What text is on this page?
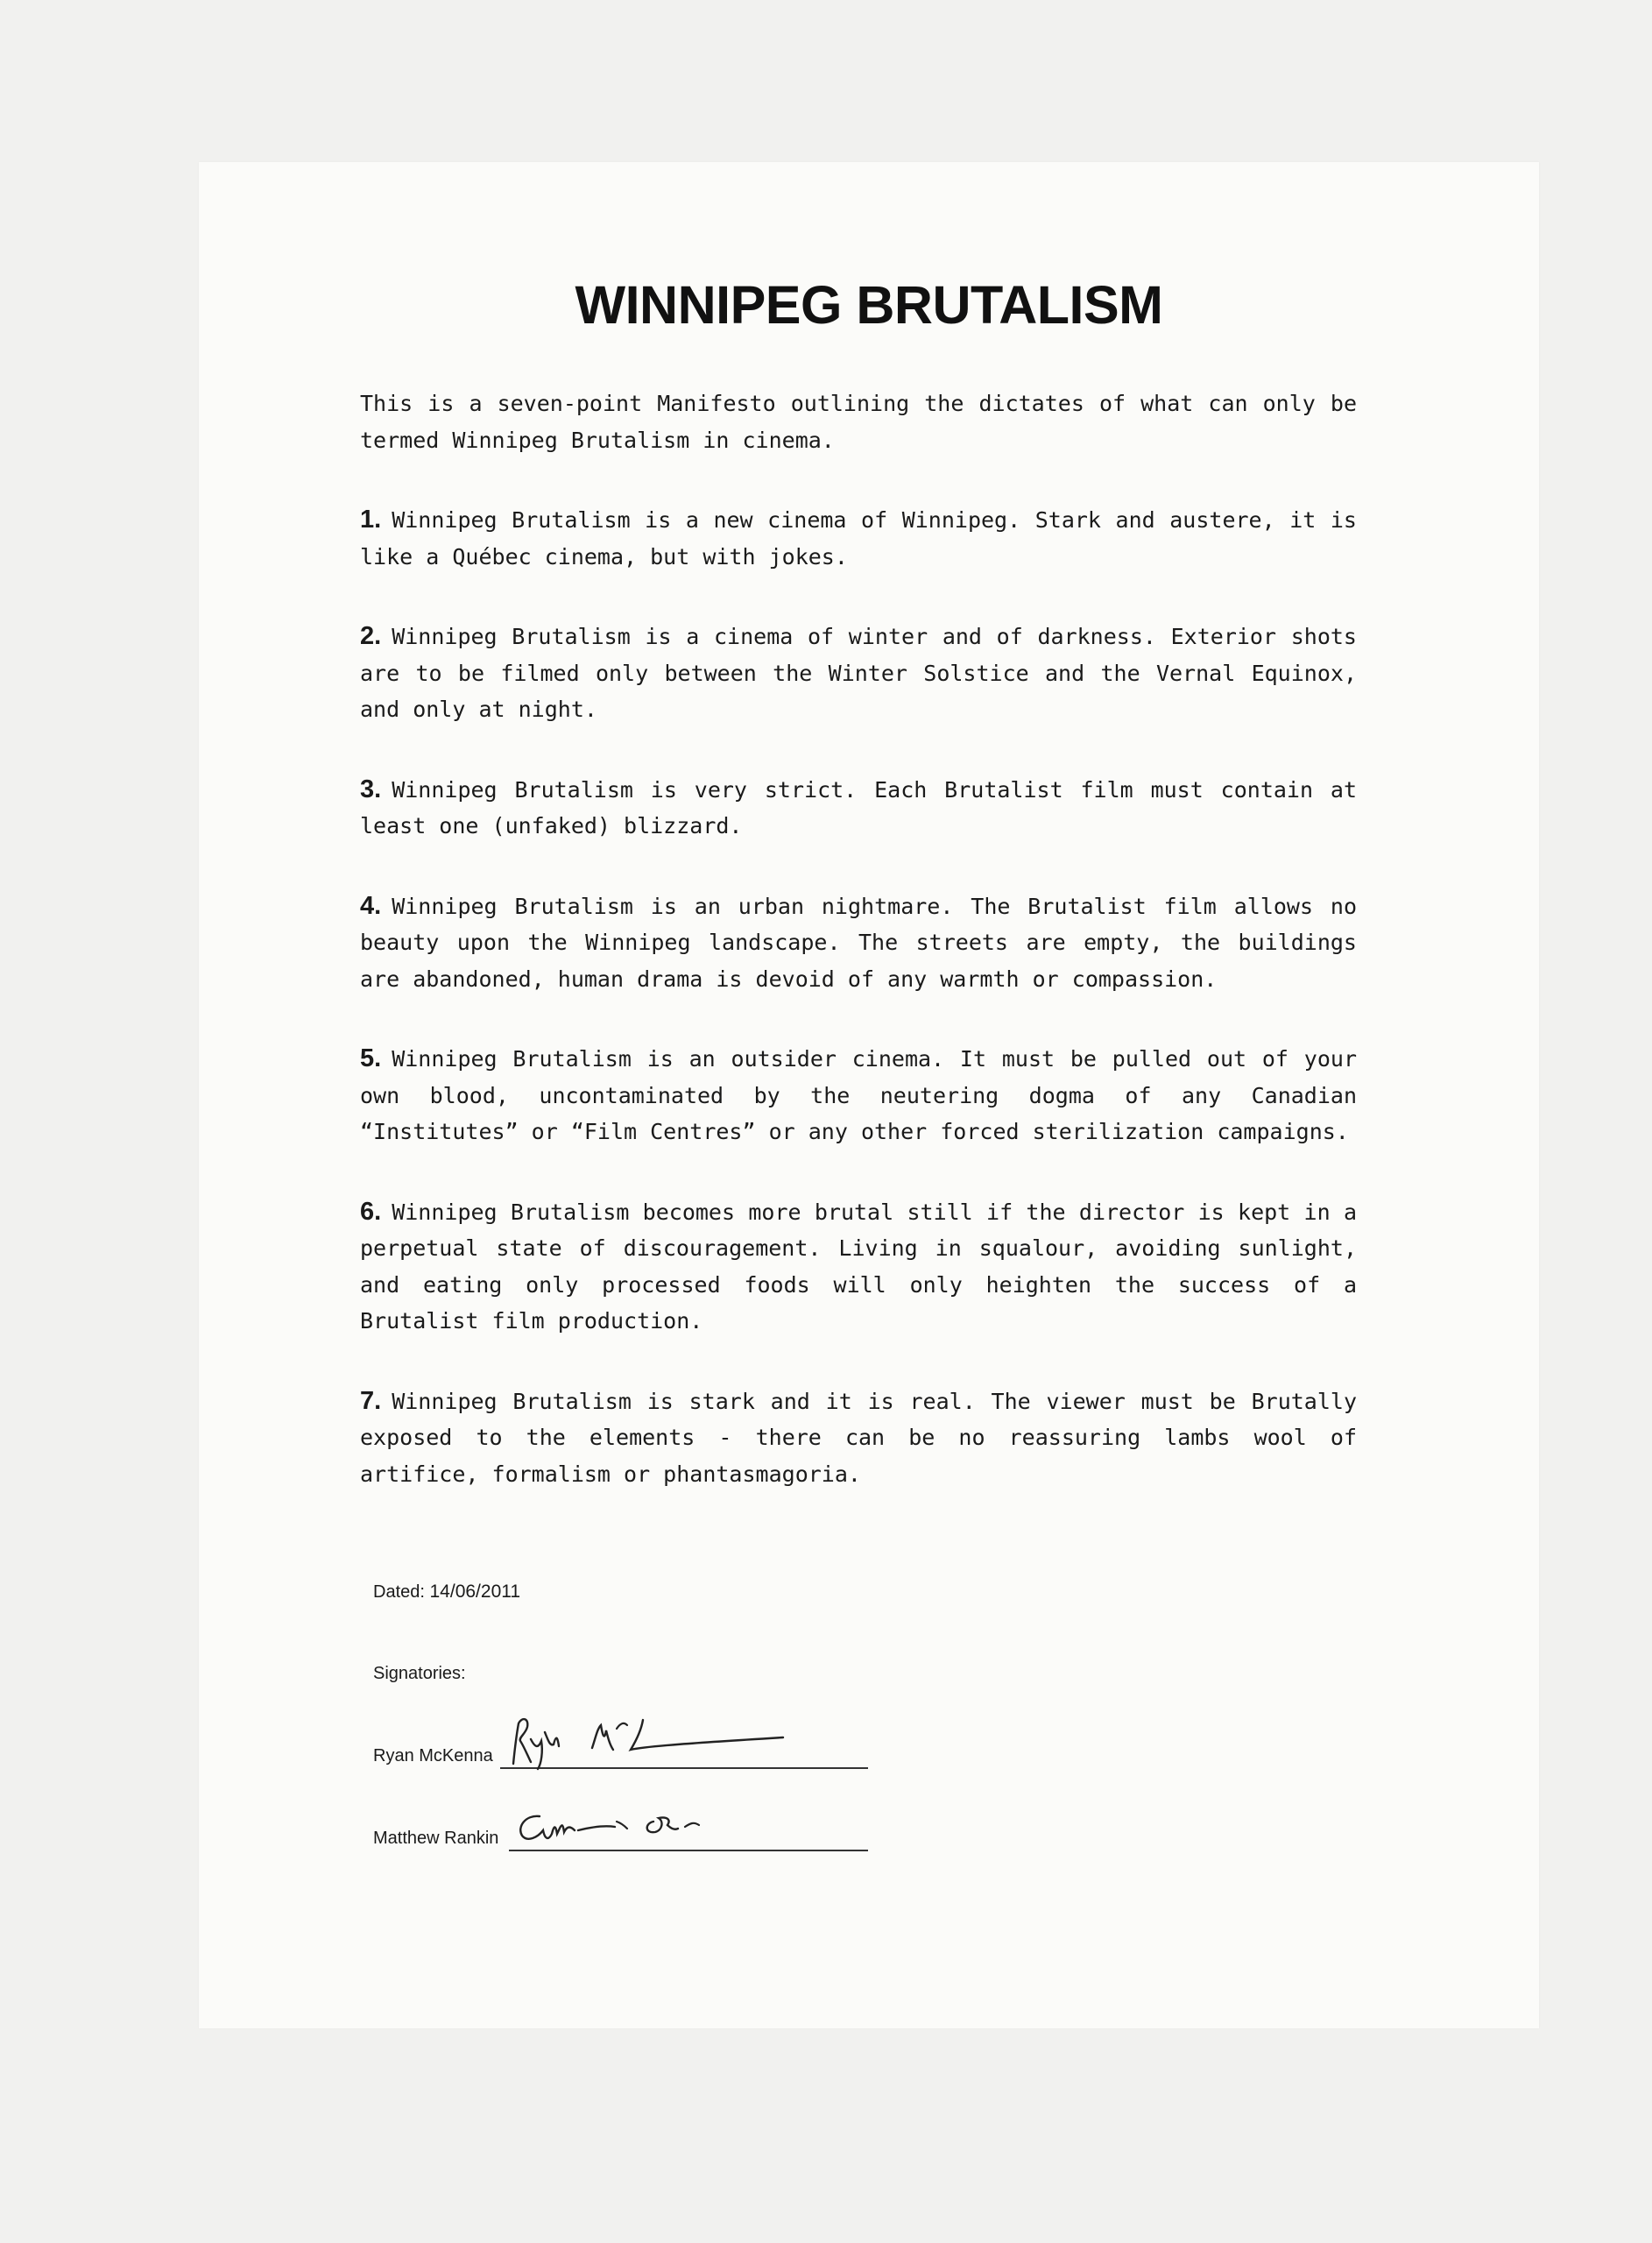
WINNIPEG BRUTALISM

This is a seven-point Manifesto outlining the dictates of what can only be termed Winnipeg Brutalism in cinema.

1. Winnipeg Brutalism is a new cinema of Winnipeg. Stark and austere, it is like a Québec cinema, but with jokes.

2. Winnipeg Brutalism is a cinema of winter and of darkness. Exterior shots are to be filmed only between the Winter Solstice and the Vernal Equinox, and only at night.

3. Winnipeg Brutalism is very strict. Each Brutalist film must contain at least one (unfaked) blizzard.

4. Winnipeg Brutalism is an urban nightmare. The Brutalist film allows no beauty upon the Winnipeg landscape. The streets are empty, the buildings are abandoned, human drama is devoid of any warmth or compassion.

5. Winnipeg Brutalism is an outsider cinema. It must be pulled out of your own blood, uncontaminated by the neutering dogma of any Canadian “Institutes” or “Film Centres” or any other forced sterilization campaigns.

6. Winnipeg Brutalism becomes more brutal still if the director is kept in a perpetual state of discouragement. Living in squalour, avoiding sunlight, and eating only processed foods will only heighten the success of a Brutalist film production.

7. Winnipeg Brutalism is stark and it is real. The viewer must be Brutally exposed to the elements - there can be no reassuring lambs wool of artifice, formalism or phantasmagoria.

Dated: 14/06/2011
Signatories:
Ryan McKenna
Matthew Rankin
